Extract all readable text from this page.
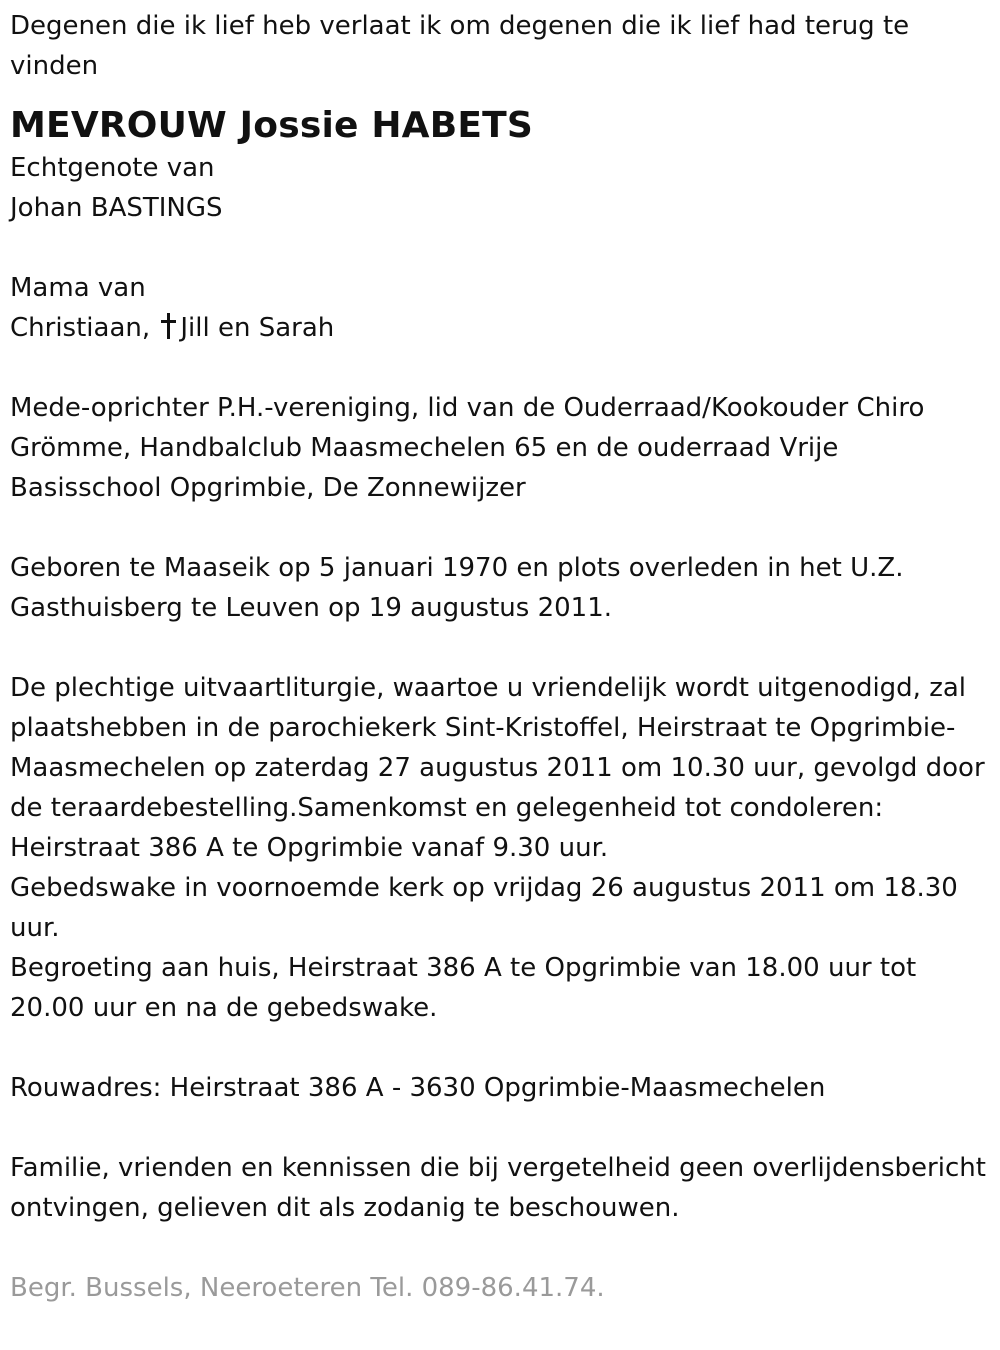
Degenen die ik lief heb verlaat ik om degenen die ik lief had terug te vinden

MEVROUW Jossie HABETS

Echtgenote van

Johan BASTINGS

Mama van

Christiaan, Jill en Sarah

Mede-oprichter P.H.-vereniging, lid van de Ouderraad/Kookouder Chiro Grömme, Handbalclub Maasmechelen 65 en de ouderraad Vrije Basisschool Opgrimbie, De Zonnewijzer

Geboren te Maaseik op 5 januari 1970 en plots overleden in het U.Z. Gasthuisberg te Leuven op 19 augustus 2011.

De plechtige uitvaartliturgie, waartoe u vriendelijk wordt uitgenodigd, zal plaatshebben in de parochiekerk Sint-Kristoffel, Heirstraat te Opgrimbie-Maasmechelen op zaterdag 27 augustus 2011 om 10.30 uur, gevolgd door de teraardebestelling.Samenkomst en gelegenheid tot condoleren: Heirstraat 386 A te Opgrimbie vanaf 9.30 uur.

Gebedswake in voornoemde kerk op vrijdag 26 augustus 2011 om 18.30 uur.

Begroeting aan huis, Heirstraat 386 A te Opgrimbie van 18.00 uur tot 20.00 uur en na de gebedswake.

Rouwadres: Heirstraat 386 A - 3630 Opgrimbie-Maasmechelen

Familie, vrienden en kennissen die bij vergetelheid geen overlijdensbericht ontvingen, gelieven dit als zodanig te beschouwen.

Begr. Bussels, Neeroeteren Tel. 089-86.41.74.
